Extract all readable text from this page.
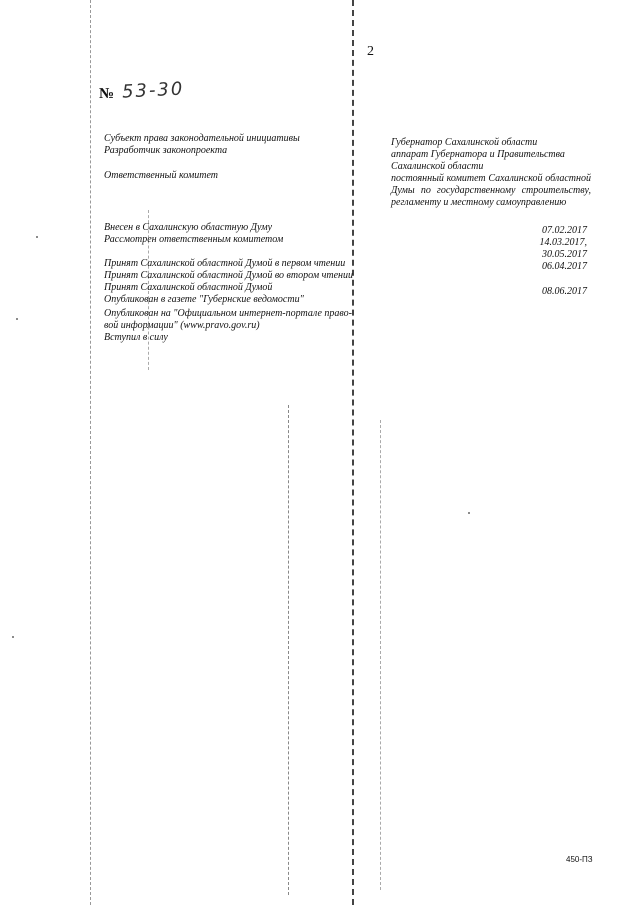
2
№ 53-30
Субъект права законодательной инициативы
Разработчик законопроекта
Ответственный комитет
Внесен в Сахалинскую областную Думу
Рассмотрен ответственным комитетом
Принят Сахалинской областной Думой в первом чтении
Принят Сахалинской областной Думой во втором чтении
Принят Сахалинской областной Думой
Опубликован в газете "Губернские ведомости"
Опубликован на "Официальном интернет-портале право-
вой информации" (www.pravo.gov.ru)
Вступил в силу
Губернатор Сахалинской области
аппарат Губернатора и Правительства
Сахалинской области
постоянный комитет Сахалинской областной Думы по государственному строительству, регламенту и местному самоуправлению
07.02.2017
14.03.2017,
30.05.2017
06.04.2017
08.06.2017
450-ПЗ
